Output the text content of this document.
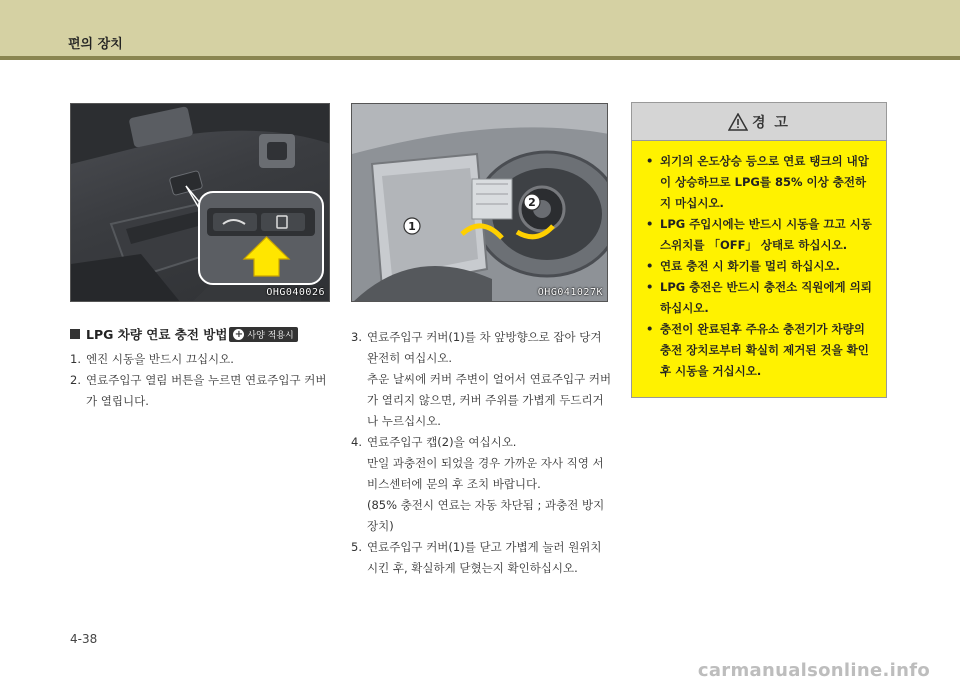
편의 장치
OHG040026
1
2
OHG041027K
LPG 차량 연료 충전 방법 + 사양 적용시
1. 엔진 시동을 반드시 끄십시오.

2. 연료주입구 열림 버튼을 누르면 연료주입구 커버가 열립니다.

3. 연료주입구 커버(1)를 차 앞방향으로 잡아 당겨 완전히 여십시오.

추운 날씨에 커버 주변이 얼어서 연료주입구 커버가 열리지 않으면, 커버 주위를 가볍게 두드리거나 누르십시오.

4. 연료주입구 캡(2)을 여십시오.

만일 과충전이 되었을 경우 가까운 자사 직영 서비스센터에 문의 후 조치 바랍니다.

(85% 충전시 연료는 자동 차단됨 ; 과충전 방지장치)

5. 연료주입구 커버(1)를 닫고 가볍게 눌러 원위치 시킨 후, 확실하게 닫혔는지 확인하십시오.

경 고
• 외기의 온도상승 등으로 연료 탱크의 내압이 상승하므로 LPG를 85% 이상 충전하지 마십시오.
• LPG 주입시에는 반드시 시동을 끄고 시동 스위치를 「OFF」 상태로 하십시오.
• 연료 충전 시 화기를 멀리 하십시오.
• LPG 충전은 반드시 충전소 직원에게 의뢰하십시오.
• 충전이 완료된후 주유소 충전기가 차량의 충전 장치로부터 확실히 제거된 것을 확인 후 시동을 거십시오.
4-38
carmanualsonline.info
